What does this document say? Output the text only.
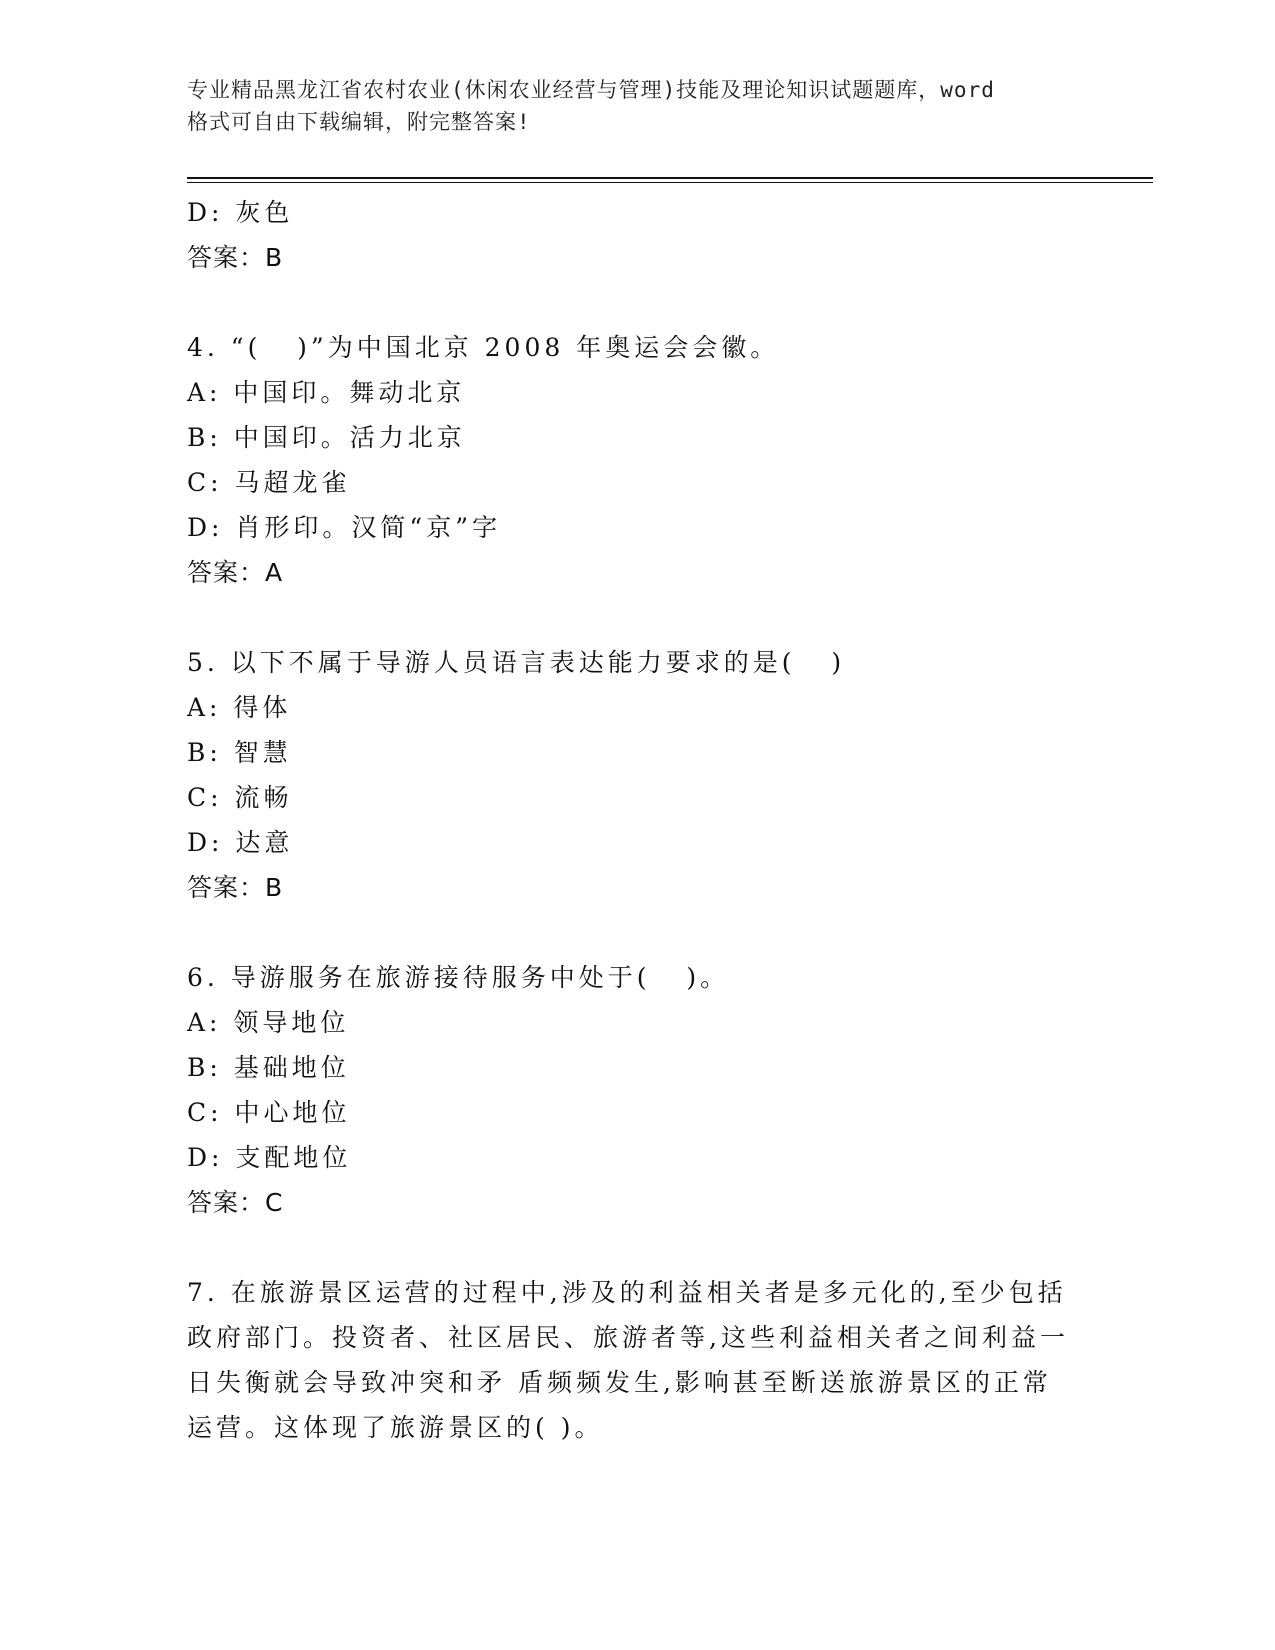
专业精品黑龙江省农村农业(休闲农业经营与管理)技能及理论知识试题题库，word
格式可自由下载编辑，附完整答案!
D: 灰色
答案：B
4. “(   )”为中国北京 2008 年奥运会会徽。
A: 中国印。舞动北京
B: 中国印。活力北京
C: 马超龙雀
D: 肖形印。汉简“京”字
答案：A
5. 以下不属于导游人员语言表达能力要求的是(   )
A: 得体
B: 智慧
C: 流畅
D: 达意
答案：B
6. 导游服务在旅游接待服务中处于(   )。
A: 领导地位
B: 基础地位
C: 中心地位
D: 支配地位
答案：C
7. 在旅游景区运营的过程中,涉及的利益相关者是多元化的,至少包括
政府部门。投资者、社区居民、旅游者等,这些利益相关者之间利益一
日失衡就会导致冲突和矛 盾频频发生,影响甚至断送旅游景区的正常
运营。这体现了旅游景区的( )。
